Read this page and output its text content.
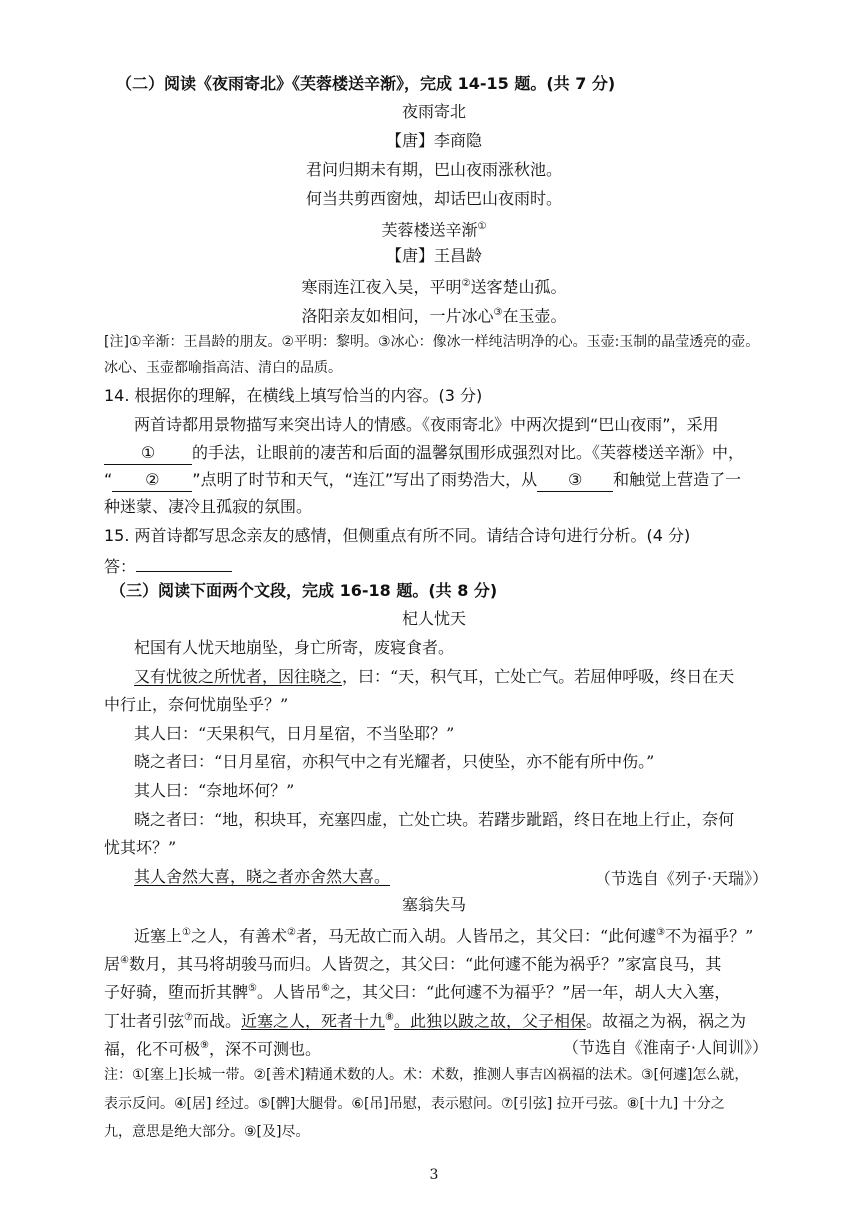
（二）阅读《夜雨寄北》《芙蓉楼送辛渐》，完成 14-15 题。(共 7 分)
夜雨寄北
【唐】李商隐
君问归期未有期，巴山夜雨涨秋池。
何当共剪西窗烛，却话巴山夜雨时。
芙蓉楼送辛渐①
【唐】王昌龄
寒雨连江夜入吴，平明②送客楚山孤。
洛阳亲友如相问，一片冰心③在玉壶。
[注]①辛渐：王昌龄的朋友。②平明：黎明。③冰心：像冰一样纯洁明净的心。玉壶:玉制的晶莹透亮的壶。
冰心、玉壶都喻指高洁、清白的品质。
14. 根据你的理解，在横线上填写恰当的内容。(3 分)
两首诗都用景物描写来突出诗人的情感。《夜雨寄北》中两次提到“巴山夜雨”，采用
① 的手法，让眼前的凄苦和后面的温馨氛围形成强烈对比。《芙蓉楼送辛渐》中，
“ ② ”点明了时节和天气，“连江”写出了雨势浩大，从 ③ 和触觉上营造了一
种迷蒙、凄冷且孤寂的氛围。
15. 两首诗都写思念亲友的感情，但侧重点有所不同。请结合诗句进行分析。(4 分)
答：
（三）阅读下面两个文段，完成 16-18 题。(共 8 分)
杞人忧天
杞国有人忧天地崩坠，身亡所寄，废寝食者。
又有忧彼之所忧者，因往晓之，曰：“天，积气耳，亡处亡气。若屈伸呼吸，终日在天
中行止，奈何忧崩坠乎？”
其人曰：“天果积气，日月星宿，不当坠耶？”
晓之者曰：“日月星宿，亦积气中之有光耀者，只使坠，亦不能有所中伤。”
其人曰：“奈地坏何？”
晓之者曰：“地，积块耳，充塞四虚，亡处亡块。若躇步跐蹈，终日在地上行止，奈何
忧其坏？”
其人舍然大喜，晓之者亦舍然大喜。	（节选自《列子·天瑞》）
塞翁失马
近塞上①之人，有善术②者，马无故亡而入胡。人皆吊之，其父曰：“此何遽③不为福乎？”
居④数月，其马将胡骏马而归。人皆贺之，其父曰：“此何遽不能为祸乎？”家富良马，其
子好骑，堕而折其髀⑤。人皆吊⑥之，其父曰：“此何遽不为福乎？”居一年，胡人大入塞，
丁壮者引弦⑦而战。近塞之人，死者十九⑧。此独以跛之故，父子相保。故福之为祸，祸之为
福，化不可极⑨，深不可测也。	（节选自《淮南子·人间训》）
注：①[塞上]长城一带。②[善术]精通术数的人。术：术数，推测人事吉凶祸福的法术。③[何遽]怎么就，
表示反问。④[居] 经过。⑤[髀]大腿骨。⑥[吊]吊慰，表示慰问。⑦[引弦] 拉开弓弦。⑧[十九] 十分之
九，意思是绝大部分。⑨[及]尽。
3
